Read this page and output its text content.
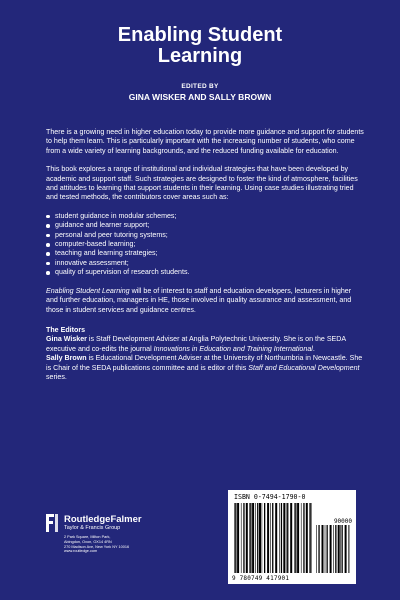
Enabling Student
Learning
EDITED BY
GINA WISKER AND SALLY BROWN

There is a growing need in higher education today to provide more guidance and support for students to help them learn. This is particularly important with the increasing number of students, who come from a wide variety of learning backgrounds, and the reduced funding available for education.

This book explores a range of institutional and individual strategies that have been developed by academic and support staff. Such strategies are designed to foster the kind of atmosphere, facilities and attitudes to learning that support students in their learning. Using case studies illustrating tried and tested methods, the contributors cover areas such as:

student guidance in modular schemes;
guidance and learner support;
personal and peer tutoring systems;
computer-based learning;
teaching and learning strategies;
innovative assessment;
quality of supervision of research students.

Enabling Student Learning will be of interest to staff and education developers, lecturers in higher and further education, managers in HE, those involved in quality assurance and assessment, and those in student services and guidance centres.

The Editors
Gina Wisker is Staff Development Adviser at Anglia Polytechnic University. She is on the SEDA executive and co-edits the journal Innovations in Education and Training International.
Sally Brown is Educational Development Adviser at the University of Northumbria in Newcastle. She is Chair of the SEDA publications committee and is editor of this Staff and Educational Development series.
RoutledgeFalmer
Taylor & Francis Group
2 Park Square, Milton Park,
Abingdon, Oxon, OX14 4RN
270 Madison Ave, New York NY 10016
www.routledge.com
ISBN 0-7494-1790-0
90000
9 780749 417901
